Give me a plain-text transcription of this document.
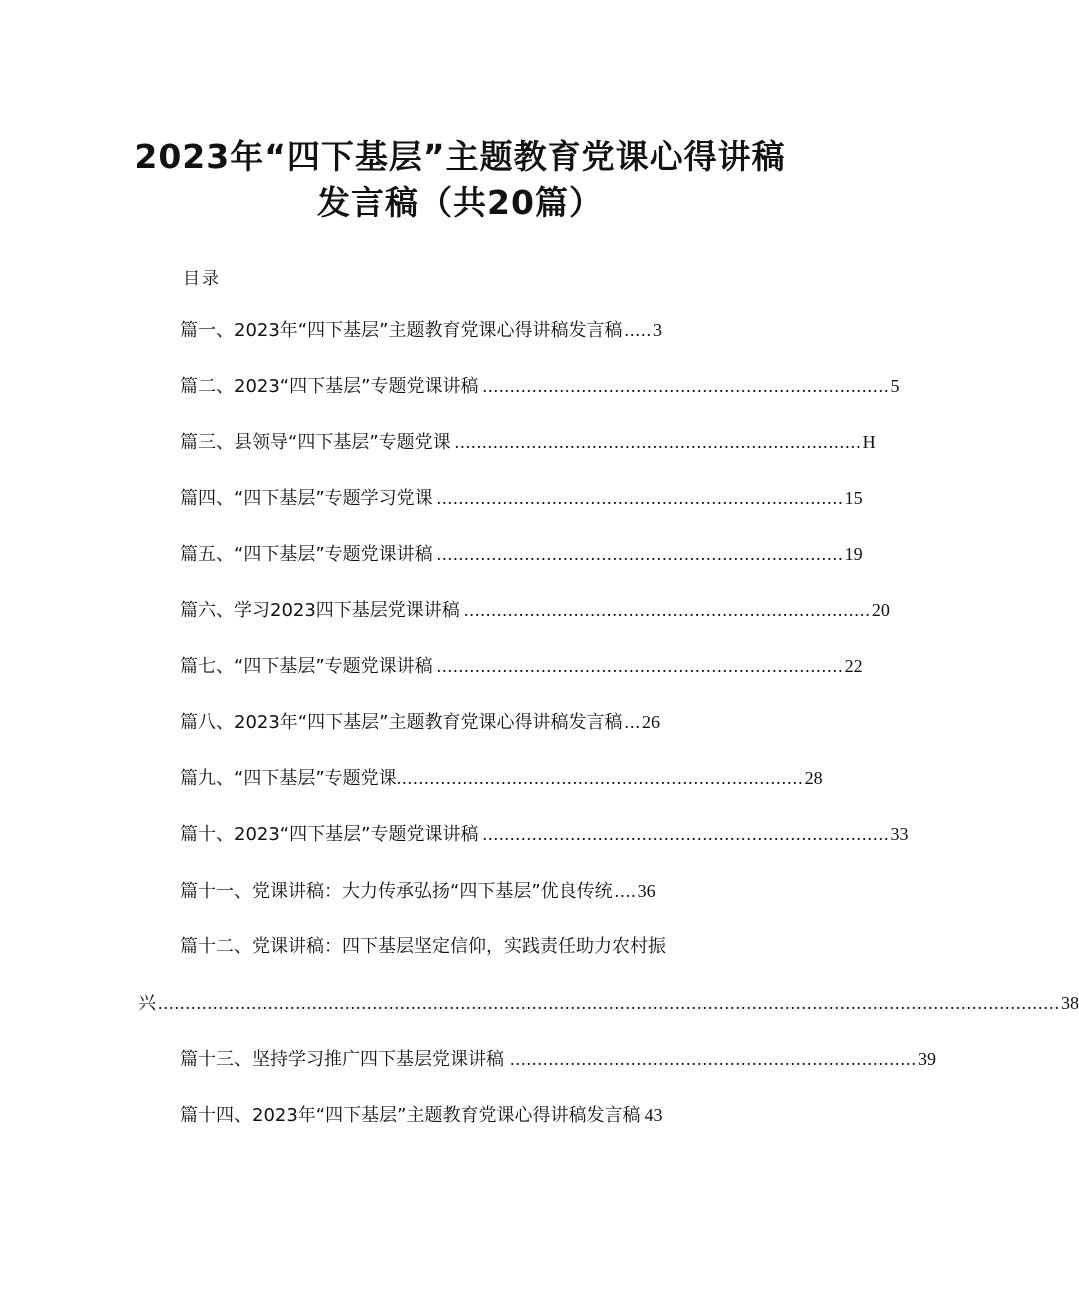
2023年“四下基层”主题教育党课心得讲稿
发言稿（共20篇）
目录
篇一、2023年“四下基层”主题教育党课心得讲稿发言稿 ..... 3
篇二、2023“四下基层”专题党课讲稿 .......................................................................... 5
篇三、县领导“四下基层”专题党课 .......................................................................... H
篇四、“四下基层”专题学习党课 .......................................................................... 15
篇五、“四下基层”专题党课讲稿 .......................................................................... 19
篇六、学习2023四下基层党课讲稿 .......................................................................... 20
篇七、“四下基层”专题党课讲稿 .......................................................................... 22
篇八、2023年“四下基层”主题教育党课心得讲稿发言稿 ... 26
篇九、“四下基层”专题党课 .......................................................................... 28
篇十、2023“四下基层”专题党课讲稿 .......................................................................... 33
篇十一、党课讲稿：大力传承弘扬“四下基层”优良传统 .... 36
篇十二、党课讲稿：四下基层坚定信仰，实践责任助力农村振
兴 .................................................................................................................................................................... 38
篇十三、坚持学习推广四下基层党课讲稿 .......................................................................... 39
篇十四、2023年“四下基层”主题教育党课心得讲稿发言稿 43
